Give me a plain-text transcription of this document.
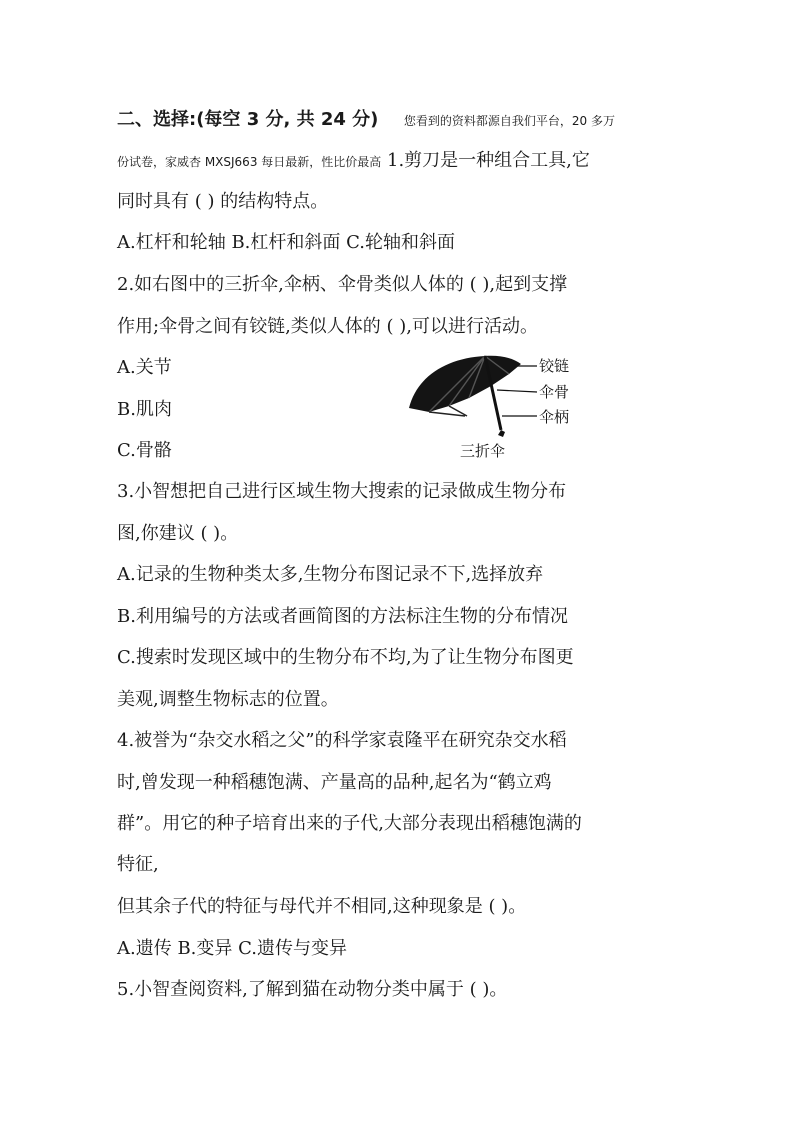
二、选择:(每空 3 分, 共 24 分) 您看到的资料都源自我们平台，20 多万
份试卷，家威杏 MXSJ663 每日最新，性比价最高 1.剪刀是一种组合工具,它
同时具有 ( ) 的结构特点。
A.杠杆和轮轴 B.杠杆和斜面 C.轮轴和斜面
2.如右图中的三折伞,伞柄、伞骨类似人体的 ( ),起到支撑
作用;伞骨之间有铰链,类似人体的 ( ),可以进行活动。
A.关节
B.肌肉
C.骨骼
铰链
伞骨
伞柄
三折伞
3.小智想把自己进行区域生物大搜索的记录做成生物分布
图,你建议 ( )。
A.记录的生物种类太多,生物分布图记录不下,选择放弃
B.利用编号的方法或者画简图的方法标注生物的分布情况
C.搜索时发现区域中的生物分布不均,为了让生物分布图更
美观,调整生物标志的位置。
4.被誉为“杂交水稻之父”的科学家袁隆平在研究杂交水稻
时,曾发现一种稻穗饱满、产量高的品种,起名为“鹤立鸡
群”。用它的种子培育出来的子代,大部分表现出稻穗饱满的
特征,
但其余子代的特征与母代并不相同,这种现象是 ( )。
A.遗传 B.变异 C.遗传与变异
5.小智查阅资料,了解到猫在动物分类中属于 ( )。
